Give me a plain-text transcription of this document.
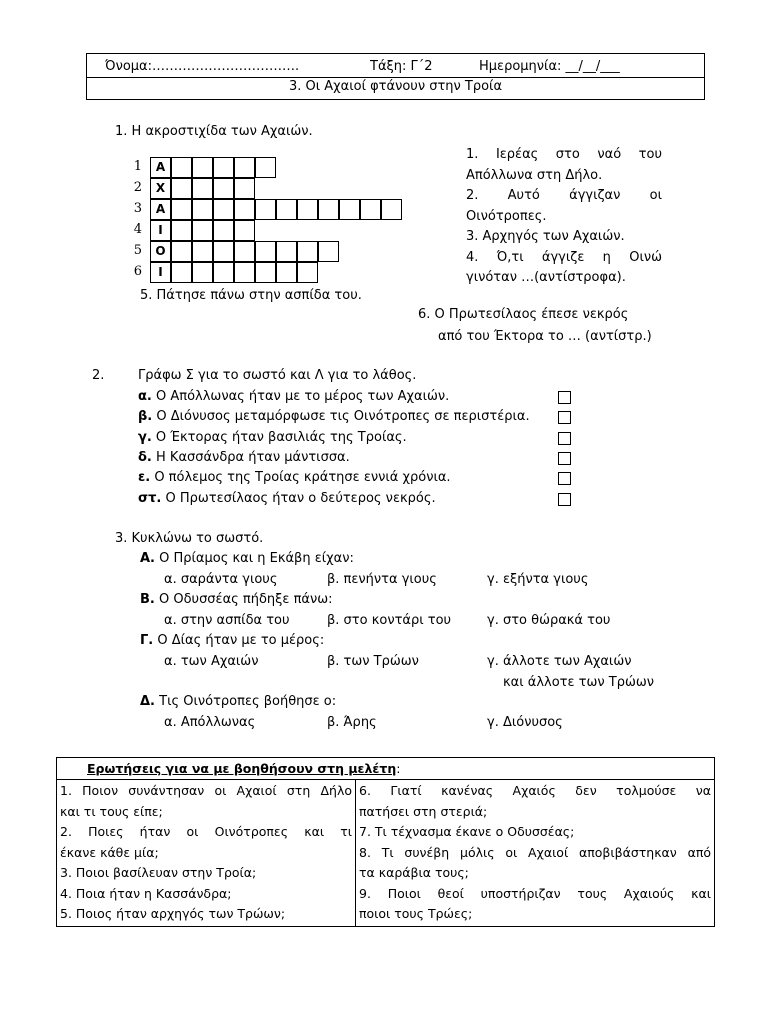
Όνομα:…………………………….	Τάξη: Γ΄2	Ημερομηνία: __/__/___
3. Οι Αχαιοί φτάνουν στην Τροία
1. Η ακροστιχίδα των Αχαιών.
1	Α
2	Χ
3	Α
4	Ι
5	Ο
6	Ι
5. Πάτησε πάνω στην ασπίδα του.
1. Ιερέας στο ναό του
Απόλλωνα στη Δήλο.
2. Αυτό άγγιζαν οι
Οινότροπες.
3. Αρχηγός των Αχαιών.
4. Ό,τι άγγιζε η Οινώ
γινόταν …(αντίστροφα).
6. Ο Πρωτεσίλαος έπεσε νεκρός
από του Έκτορα το … (αντίστρ.)
2.	Γράφω Σ για το σωστό και Λ για το λάθος.
α. Ο Απόλλωνας ήταν με το μέρος των Αχαιών.
β. Ο Διόνυσος μεταμόρφωσε τις Οινότροπες σε περιστέρια.
γ. Ο Έκτορας ήταν βασιλιάς της Τροίας.
δ. Η Κασσάνδρα ήταν μάντισσα.
ε. Ο πόλεμος της Τροίας κράτησε εννιά χρόνια.
στ. Ο Πρωτεσίλαος ήταν ο δεύτερος νεκρός.
3. Κυκλώνω το σωστό.
Α. Ο Πρίαμος και η Εκάβη είχαν:
α. σαράντα γιους	β. πενήντα γιους	γ. εξήντα γιους
Β. Ο Οδυσσέας πήδηξε πάνω:
α. στην ασπίδα του	β. στο κοντάρι του	γ. στο θώρακά του
Γ. Ο Δίας ήταν με το μέρος:
α. των Αχαιών	β. των Τρώων	γ. άλλοτε των Αχαιών
και άλλοτε των Τρώων
Δ. Τις Οινότροπες βοήθησε ο:
α. Απόλλωνας	β. Άρης	γ. Διόνυσος
Ερωτήσεις για να με βοηθήσουν στη μελέτη:

1. Ποιον συνάντησαν οι Αχαιοί στη Δήλο
και τι τους είπε;
2. Ποιες ήταν οι Οινότροπες και τι
έκανε κάθε μία;
3. Ποιοι βασίλευαν στην Τροία;
4. Ποια ήταν η Κασσάνδρα;
5. Ποιος ήταν αρχηγός των Τρώων;

6. Γιατί κανένας Αχαιός δεν τολμούσε να
πατήσει στη στεριά;
7. Τι τέχνασμα έκανε ο Οδυσσέας;
8. Τι συνέβη μόλις οι Αχαιοί αποβιβάστηκαν από
τα καράβια τους;
9. Ποιοι θεοί υποστήριζαν τους Αχαιούς και
ποιοι τους Τρώες;
